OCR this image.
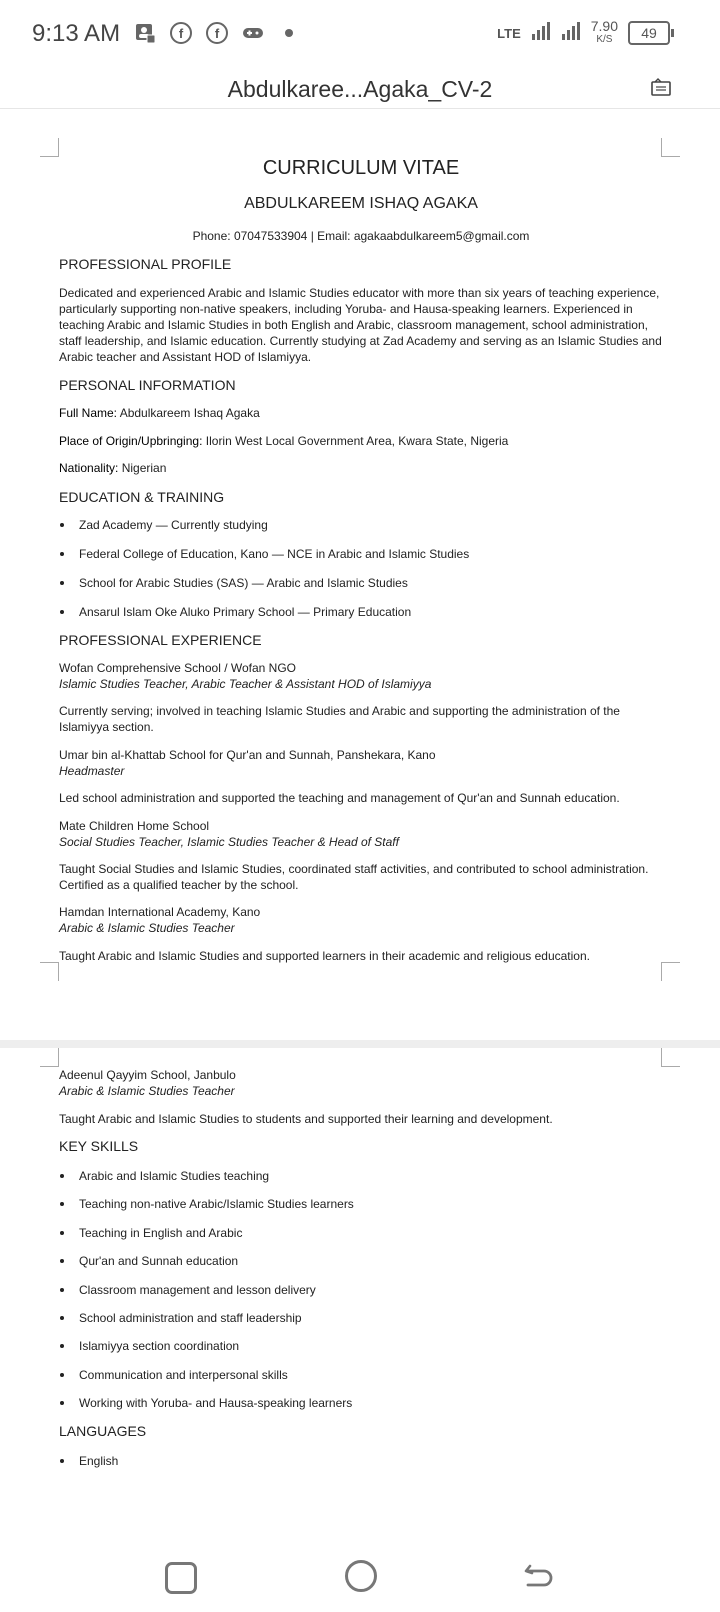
9:13 AM	f	f	LTE	7.90
K/S	49
Abdulkaree...Agaka_CV-2
CURRICULUM VITAE
ABDULKAREEM ISHAQ AGAKA

Phone: 07047533904 | Email: agakaabdulkareem5@gmail.com

PROFESSIONAL PROFILE

Dedicated and experienced Arabic and Islamic Studies educator with more than six years of teaching experience, particularly supporting non-native speakers, including Yoruba- and Hausa-speaking learners. Experienced in teaching Arabic and Islamic Studies in both English and Arabic, classroom management, school administration, staff leadership, and Islamic education. Currently studying at Zad Academy and serving as an Islamic Studies and Arabic teacher and Assistant HOD of Islamiyya.

PERSONAL INFORMATION

Full Name: Abdulkareem Ishaq Agaka

Place of Origin/Upbringing: Ilorin West Local Government Area, Kwara State, Nigeria

Nationality: Nigerian

EDUCATION & TRAINING
Zad Academy — Currently studying
Federal College of Education, Kano — NCE in Arabic and Islamic Studies
School for Arabic Studies (SAS) — Arabic and Islamic Studies
Ansarul Islam Oke Aluko Primary School — Primary Education
PROFESSIONAL EXPERIENCE

Wofan Comprehensive School / Wofan NGO

Islamic Studies Teacher, Arabic Teacher & Assistant HOD of Islamiyya

Currently serving; involved in teaching Islamic Studies and Arabic and supporting the administration of the Islamiyya section.

Umar bin al-Khattab School for Qur'an and Sunnah, Panshekara, Kano

Headmaster

Led school administration and supported the teaching and management of Qur'an and Sunnah education.

Mate Children Home School

Social Studies Teacher, Islamic Studies Teacher & Head of Staff

Taught Social Studies and Islamic Studies, coordinated staff activities, and contributed to school administration. Certified as a qualified teacher by the school.

Hamdan International Academy, Kano

Arabic & Islamic Studies Teacher

Taught Arabic and Islamic Studies and supported learners in their academic and religious education.

Adeenul Qayyim School, Janbulo

Arabic & Islamic Studies Teacher

Taught Arabic and Islamic Studies to students and supported their learning and development.

KEY SKILLS
Arabic and Islamic Studies teaching
Teaching non-native Arabic/Islamic Studies learners
Teaching in English and Arabic
Qur'an and Sunnah education
Classroom management and lesson delivery
School administration and staff leadership
Islamiyya section coordination
Communication and interpersonal skills
Working with Yoruba- and Hausa-speaking learners
LANGUAGES
English
